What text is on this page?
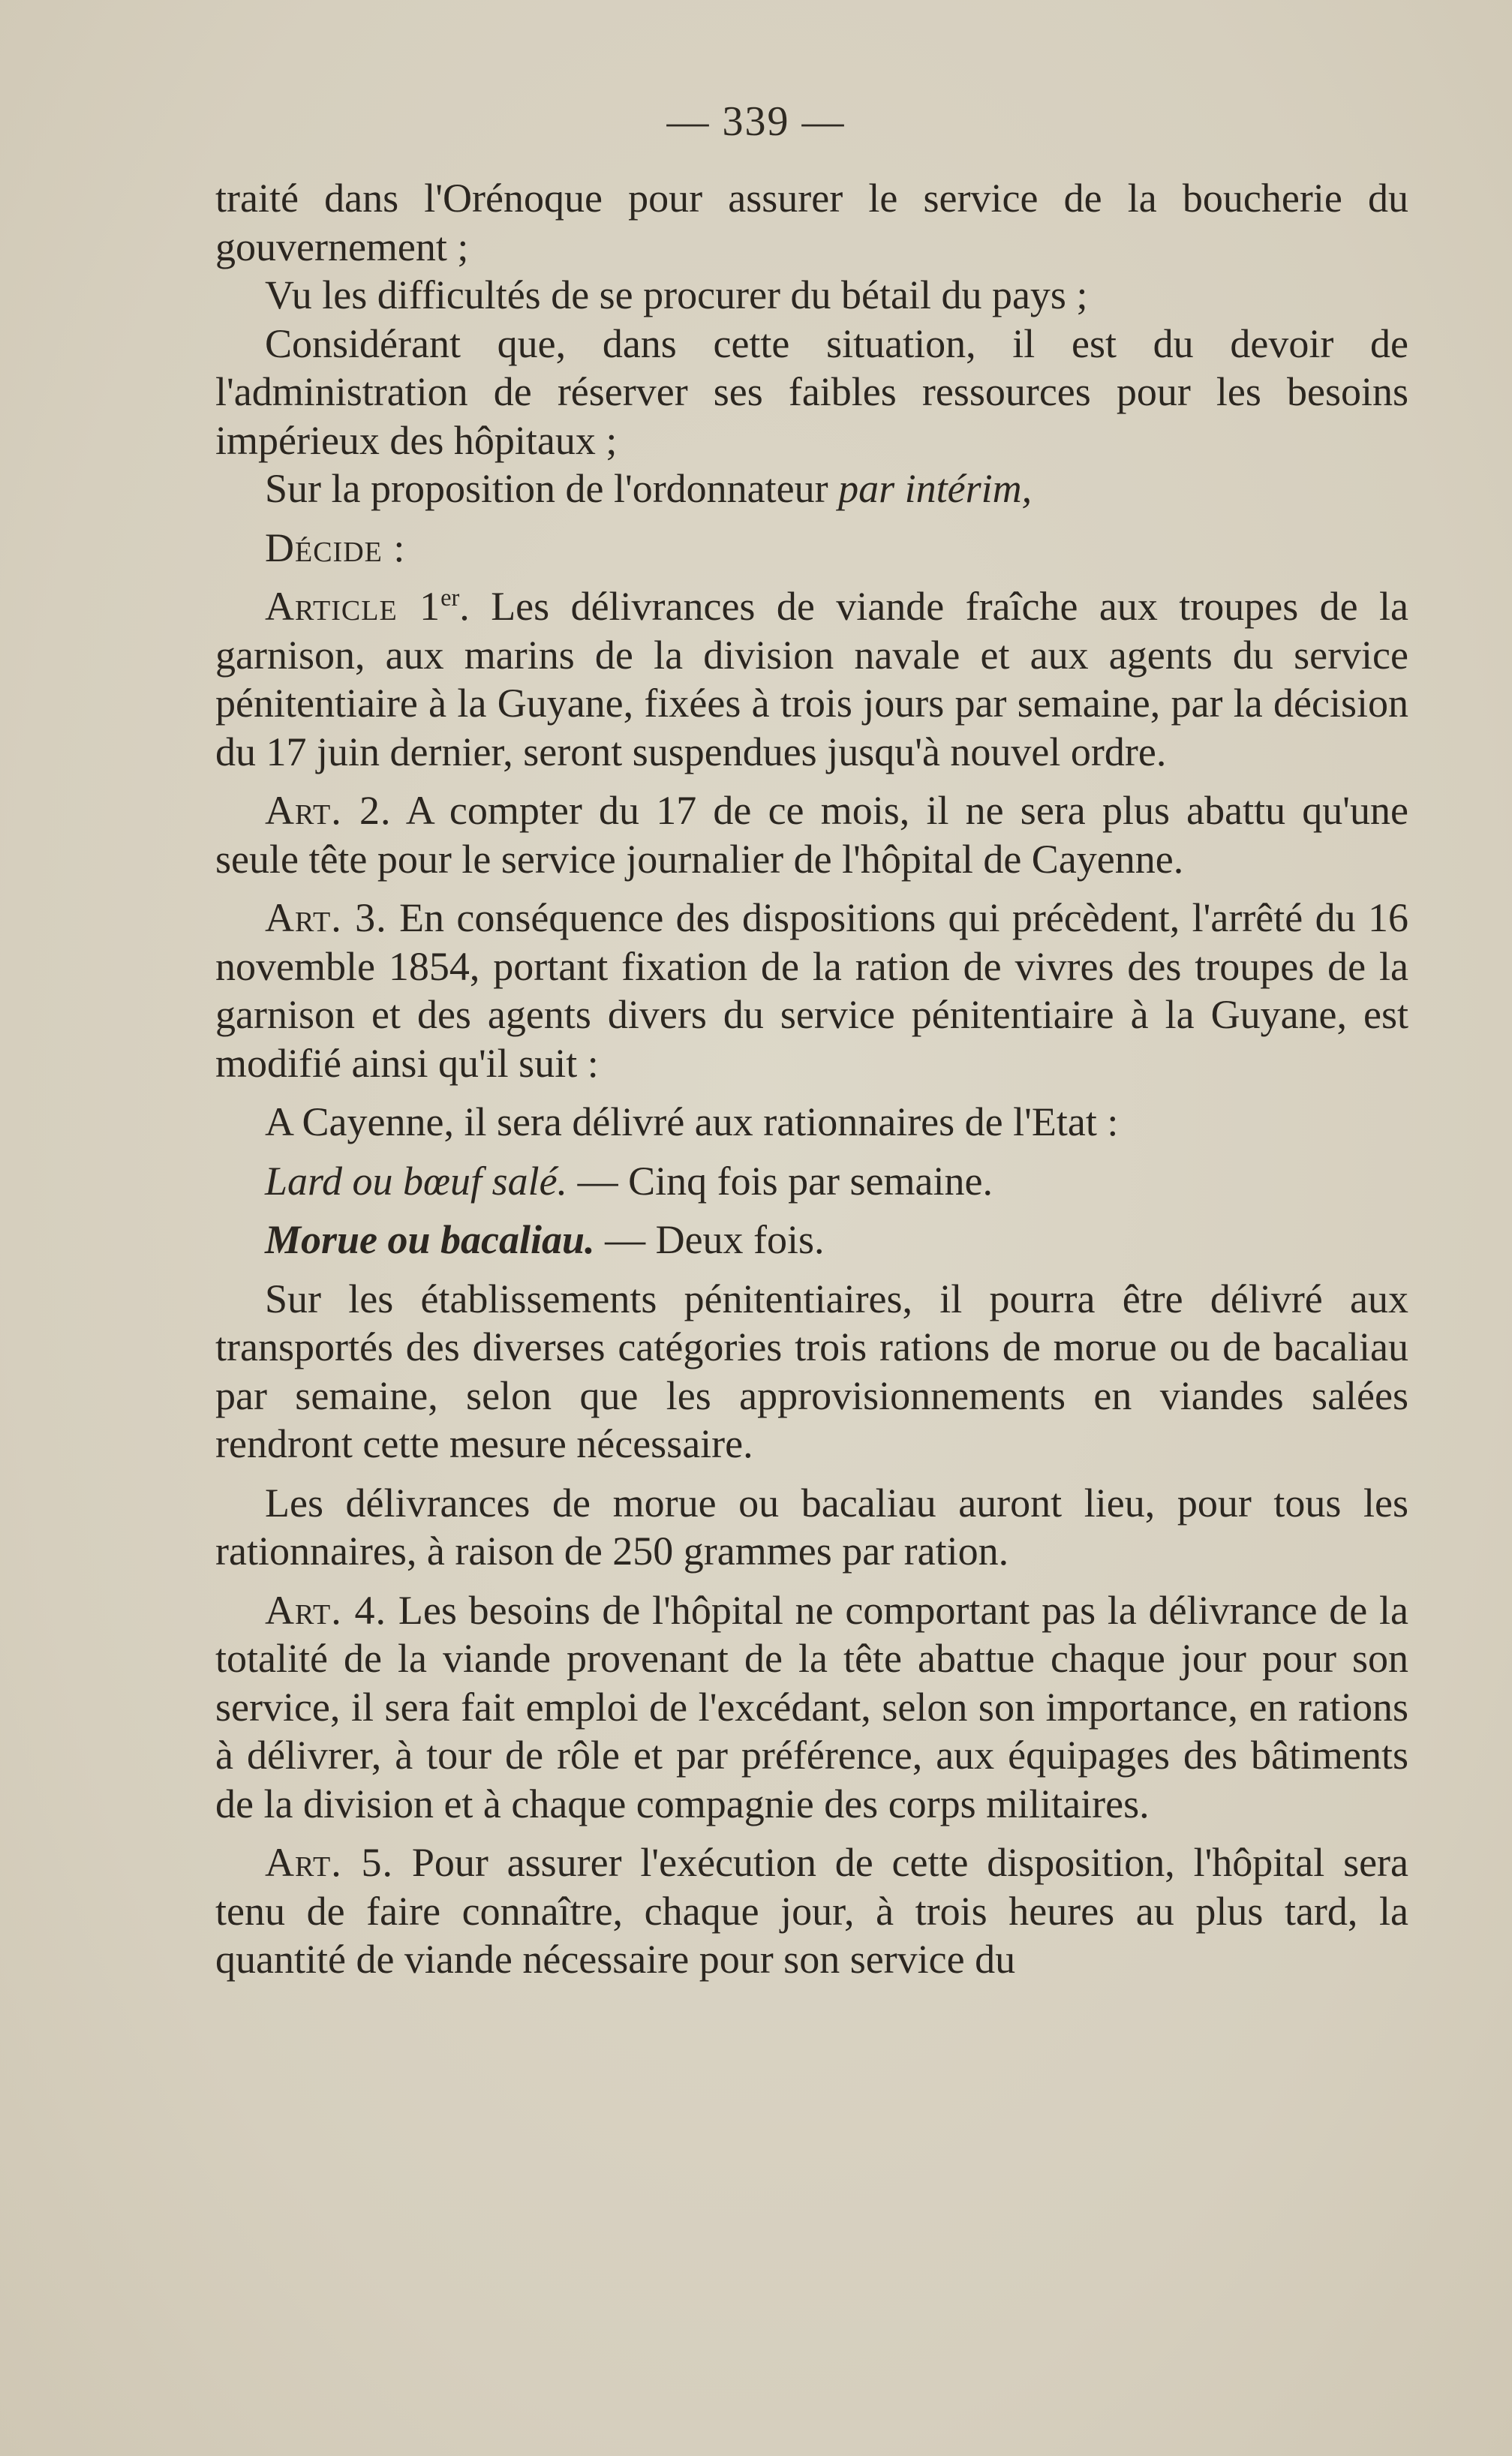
— 339 —

traité dans l'Orénoque pour assurer le service de la boucherie du gouvernement ;

Vu les difficultés de se procurer du bétail du pays ;

Considérant que, dans cette situation, il est du devoir de l'administration de réserver ses faibles ressources pour les besoins impérieux des hôpitaux ;

Sur la proposition de l'ordonnateur par intérim,

Décide :

Article 1er. Les délivrances de viande fraîche aux troupes de la garnison, aux marins de la division navale et aux agents du service pénitentiaire à la Guyane, fixées à trois jours par semaine, par la décision du 17 juin dernier, seront suspendues jusqu'à nouvel ordre.

Art. 2. A compter du 17 de ce mois, il ne sera plus abattu qu'une seule tête pour le service journalier de l'hôpital de Cayenne.

Art. 3. En conséquence des dispositions qui précèdent, l'arrêté du 16 novemble 1854, portant fixation de la ration de vivres des troupes de la garnison et des agents divers du service pénitentiaire à la Guyane, est modifié ainsi qu'il suit :

A Cayenne, il sera délivré aux rationnaires de l'Etat :

Lard ou bœuf salé. — Cinq fois par semaine.

Morue ou bacaliau. — Deux fois.

Sur les établissements pénitentiaires, il pourra être délivré aux transportés des diverses catégories trois rations de morue ou de bacaliau par semaine, selon que les approvisionnements en viandes salées rendront cette mesure nécessaire.

Les délivrances de morue ou bacaliau auront lieu, pour tous les rationnaires, à raison de 250 grammes par ration.

Art. 4. Les besoins de l'hôpital ne comportant pas la délivrance de la totalité de la viande provenant de la tête abattue chaque jour pour son service, il sera fait emploi de l'excédant, selon son importance, en rations à délivrer, à tour de rôle et par préférence, aux équipages des bâtiments de la division et à chaque compagnie des corps militaires.

Art. 5. Pour assurer l'exécution de cette disposition, l'hôpital sera tenu de faire connaître, chaque jour, à trois heures au plus tard, la quantité de viande nécessaire pour son service du
